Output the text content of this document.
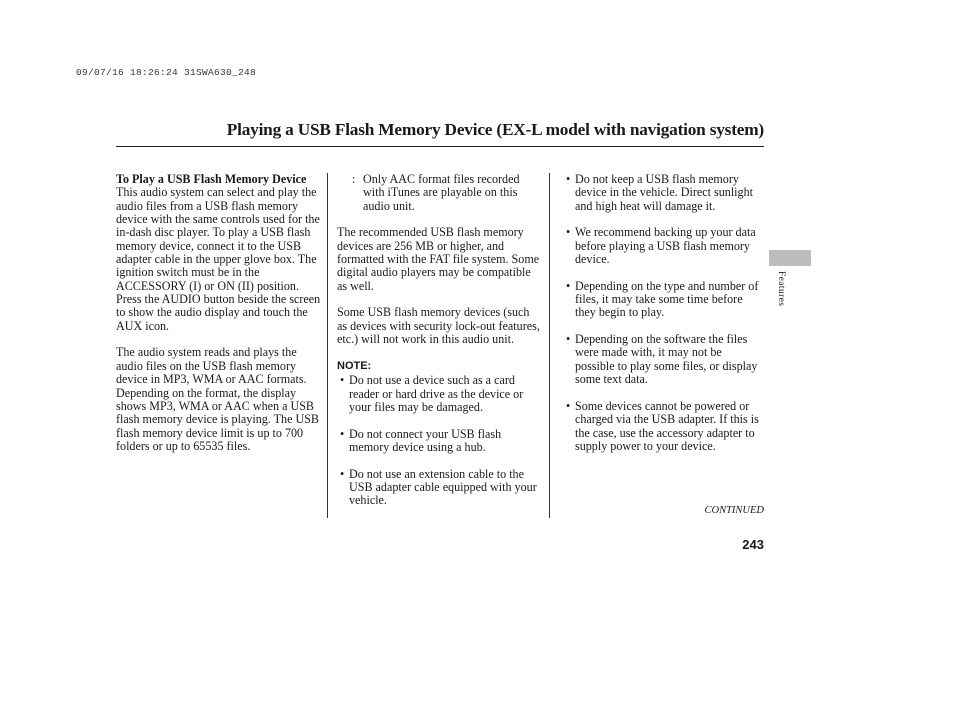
09/07/16 18:26:24 31SWA630_248
Playing a USB Flash Memory Device (EX-L model with navigation system)
Features

To Play a USB Flash Memory Device

This audio system can select and play the audio files from a USB flash memory device with the same controls used for the in-dash disc player. To play a USB flash memory device, connect it to the USB adapter cable in the upper glove box. The ignition switch must be in the ACCESSORY (I) or ON (II) position. Press the AUDIO button beside the screen to show the audio display and touch the AUX icon.

The audio system reads and plays the audio files on the USB flash memory device in MP3, WMA or AAC formats. Depending on the format, the display shows MP3, WMA or AAC when a USB flash memory device is playing. The USB flash memory device limit is up to 700 folders or up to 65535 files.

: Only AAC format files recorded with iTunes are playable on this audio unit.

The recommended USB flash memory devices are 256 MB or higher, and formatted with the FAT file system. Some digital audio players may be compatible as well.

Some USB flash memory devices (such as devices with security lock-out features, etc.) will not work in this audio unit.

NOTE:
• Do not use a device such as a card reader or hard drive as the device or your files may be damaged.
• Do not connect your USB flash memory device using a hub.
• Do not use an extension cable to the USB adapter cable equipped with your vehicle.
• Do not keep a USB flash memory device in the vehicle. Direct sunlight and high heat will damage it.
• We recommend backing up your data before playing a USB flash memory device.
• Depending on the type and number of files, it may take some time before they begin to play.
• Depending on the software the files were made with, it may not be possible to play some files, or display some text data.
• Some devices cannot be powered or charged via the USB adapter. If this is the case, use the accessory adapter to supply power to your device.
CONTINUED
243
